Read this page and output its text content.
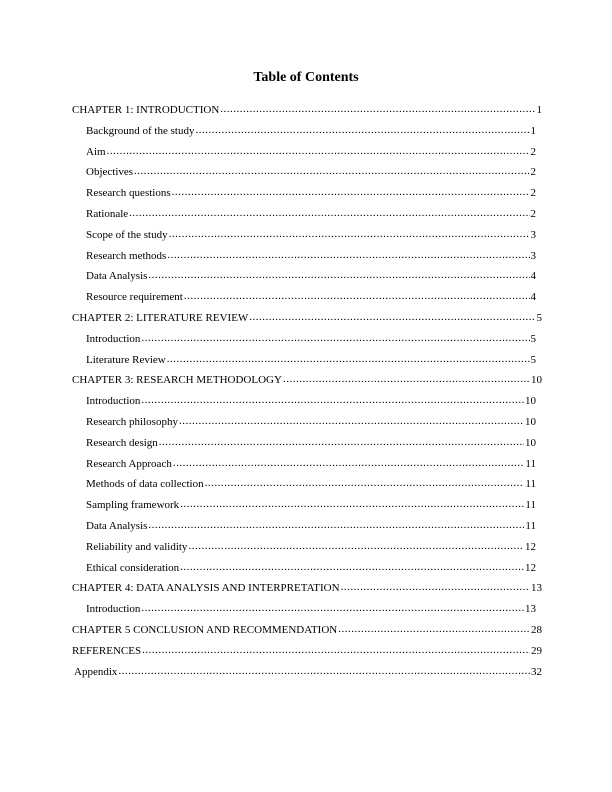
Table of Contents
CHAPTER 1: INTRODUCTION .....	1
Background of the study .....	1
Aim .....	2
Objectives .....	2
Research questions .....	2
Rationale .....	2
Scope of the study .....	3
Research methods .....	3
Data Analysis .....	4
Resource requirement .....	4
CHAPTER 2: LITERATURE REVIEW .....	5
Introduction .....	5
Literature Review .....	5
CHAPTER 3: RESEARCH METHODOLOGY .....	10
Introduction .....	10
Research philosophy .....	10
Research design .....	10
Research Approach .....	11
Methods of data collection .....	11
Sampling framework .....	11
Data Analysis .....	11
Reliability and validity .....	12
Ethical consideration .....	12
CHAPTER 4: DATA ANALYSIS AND INTERPRETATION .....	13
Introduction .....	13
CHAPTER 5 CONCLUSION AND RECOMMENDATION .....	28
REFERENCES .....	29
Appendix .....	32
